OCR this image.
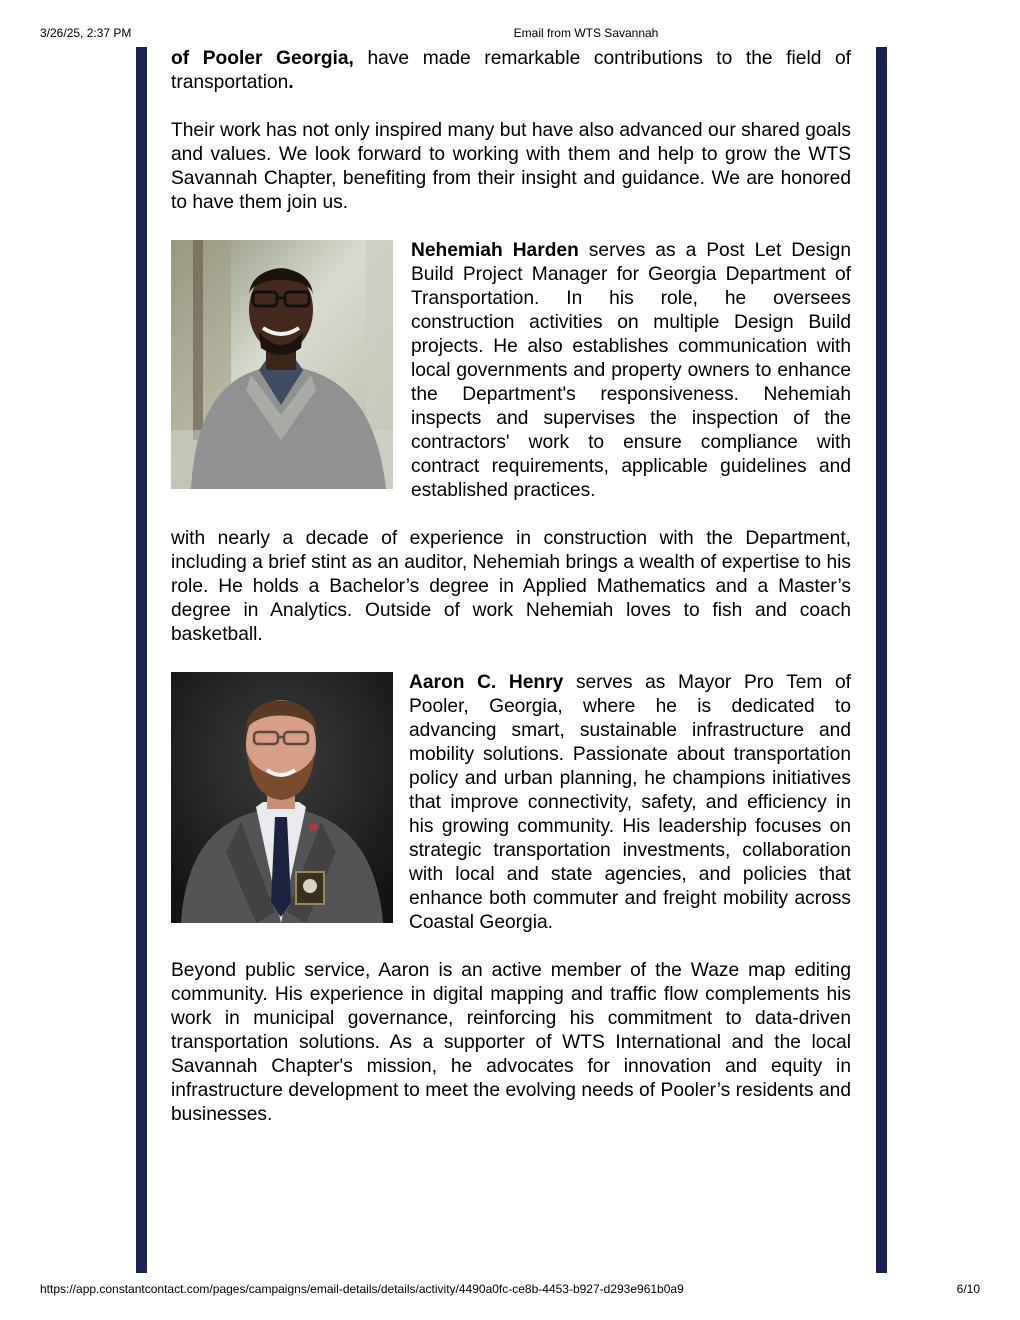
3/26/25, 2:37 PM	Email from WTS Savannah

of Pooler Georgia, have made remarkable contributions to the field of transportation.

Their work has not only inspired many but have also advanced our shared goals and values. We look forward to working with them and help to grow the WTS Savannah Chapter, benefiting from their insight and guidance. We are honored to have them join us.

Nehemiah Harden serves as a Post Let Design Build Project Manager for Georgia Department of Transportation. In his role, he oversees construction activities on multiple Design Build projects. He also establishes communication with local governments and property owners to enhance the Department's responsiveness. Nehemiah inspects and supervises the inspection of the contractors' work to ensure compliance with contract requirements, applicable guidelines and established practices.

with nearly a decade of experience in construction with the Department, including a brief stint as an auditor, Nehemiah brings a wealth of expertise to his role. He holds a Bachelor’s degree in Applied Mathematics and a Master’s degree in Analytics. Outside of work Nehemiah loves to fish and coach basketball.

Aaron C. Henry serves as Mayor Pro Tem of Pooler, Georgia, where he is dedicated to advancing smart, sustainable infrastructure and mobility solutions. Passionate about transportation policy and urban planning, he champions initiatives that improve connectivity, safety, and efficiency in his growing community. His leadership focuses on strategic transportation investments, collaboration with local and state agencies, and policies that enhance both commuter and freight mobility across Coastal Georgia.

Beyond public service, Aaron is an active member of the Waze map editing community. His experience in digital mapping and traffic flow complements his work in municipal governance, reinforcing his commitment to data-driven transportation solutions. As a supporter of WTS International and the local Savannah Chapter's mission, he advocates for innovation and equity in infrastructure development to meet the evolving needs of Pooler’s residents and businesses.

https://app.constantcontact.com/pages/campaigns/email-details/details/activity/4490a0fc-ce8b-4453-b927-d293e961b0a9	6/10
